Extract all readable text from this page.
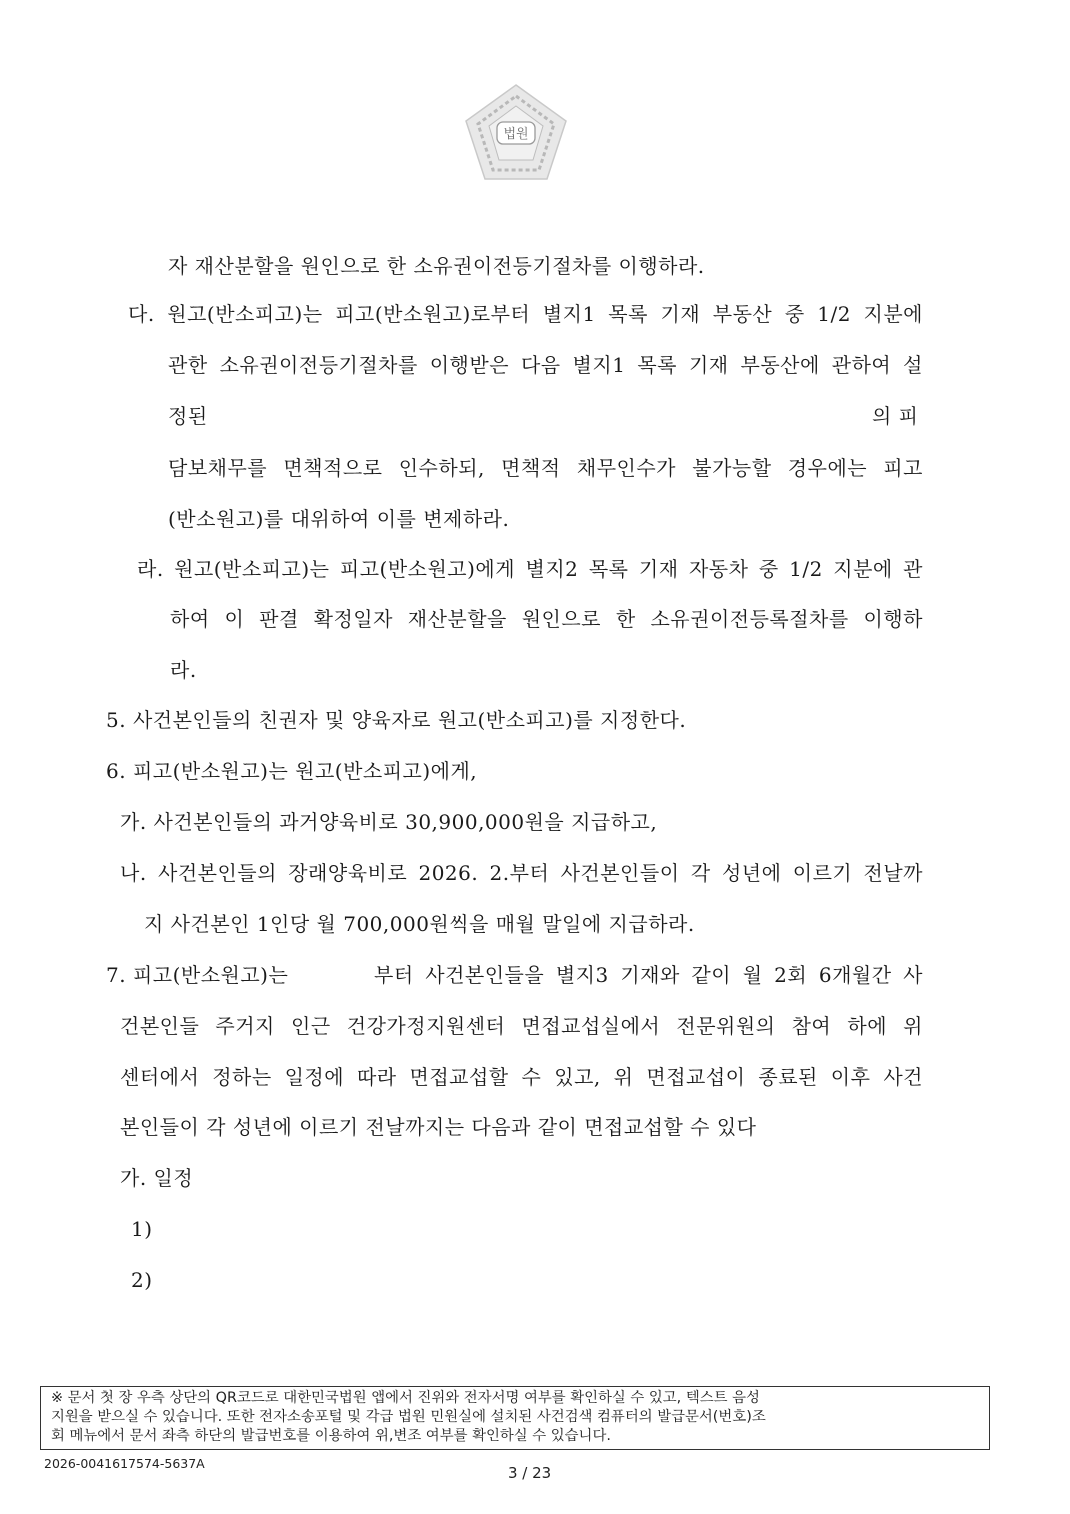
법원
자 재산분할을 원인으로 한 소유권이전등기절차를 이행하라.
다. 원고(반소피고)는 피고(반소원고)로부터 별지1 목록 기재 부동산 중 1/2 지분에
관한 소유권이전등기절차를 이행받은 다음 별지1 목록 기재 부동산에 관하여 설
정된	의 피
담보채무를 면책적으로 인수하되, 면책적 채무인수가 불가능할 경우에는 피고
(반소원고)를 대위하여 이를 변제하라.
라. 원고(반소피고)는 피고(반소원고)에게 별지2 목록 기재 자동차 중 1/2 지분에 관
하여 이 판결 확정일자 재산분할을 원인으로 한 소유권이전등록절차를 이행하
라.
5. 사건본인들의 친권자 및 양육자로 원고(반소피고)를 지정한다.
6. 피고(반소원고)는 원고(반소피고)에게,
가. 사건본인들의 과거양육비로 30,900,000원을 지급하고,
나. 사건본인들의 장래양육비로 2026. 2.부터 사건본인들이 각 성년에 이르기 전날까
지 사건본인 1인당 월 700,000원씩을 매월 말일에 지급하라.
7. 피고(반소원고)는	부터 사건본인들을 별지3 기재와 같이 월 2회 6개월간 사
건본인들 주거지 인근 건강가정지원센터 면접교섭실에서 전문위원의 참여 하에 위
센터에서 정하는 일정에 따라 면접교섭할 수 있고, 위 면접교섭이 종료된 이후 사건
본인들이 각 성년에 이르기 전날까지는 다음과 같이 면접교섭할 수 있다
가. 일정
1)
2)
※ 문서 첫 장 우측 상단의 QR코드로 대한민국법원 앱에서 진위와 전자서명 여부를 확인하실 수 있고, 텍스트 음성
지원을 받으실 수 있습니다. 또한 전자소송포털 및 각급 법원 민원실에 설치된 사건검색 컴퓨터의 발급문서(번호)조
회 메뉴에서 문서 좌측 하단의 발급번호를 이용하여 위,변조 여부를 확인하실 수 있습니다.
2026-0041617574-5637A
3 / 23
